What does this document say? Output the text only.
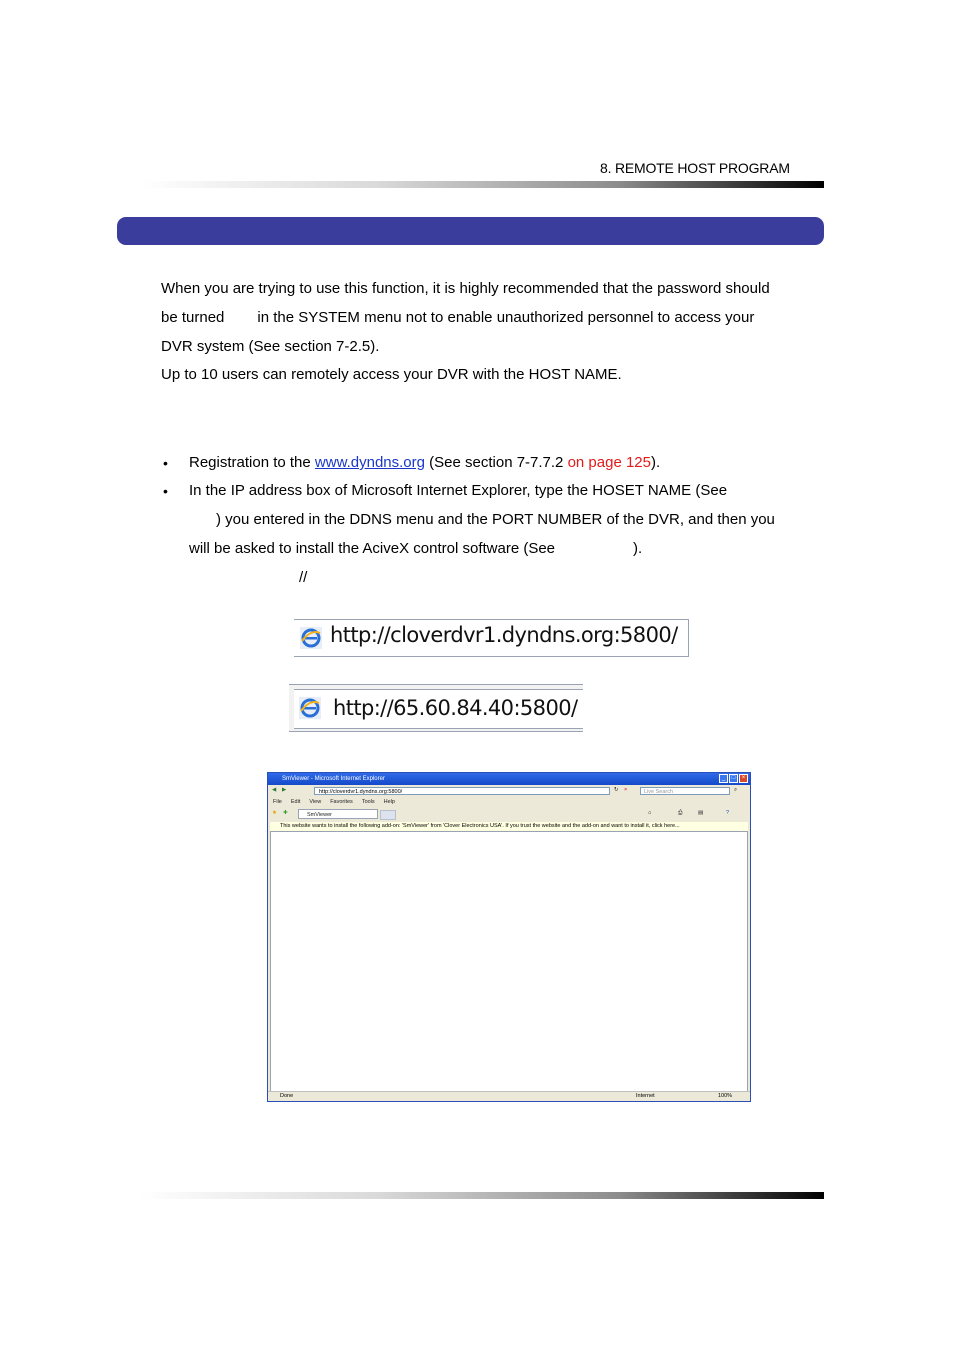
8. REMOTE HOST PROGRAM
When you are trying to use this function, it is highly recommended that the password should
be turned in the SYSTEM menu not to enable unauthorized personnel to access your
DVR system (See section 7-2.5).
Up to 10 users can remotely access your DVR with the HOST NAME.
• Registration to the www.dyndns.org (See section 7-7.7.2 on page 125).
• In the IP address box of Microsoft Internet Explorer, type the HOSET NAME (See
) you entered in the DDNS menu and the PORT NUMBER of the DVR, and then you
will be asked to install the AciveX control software (See	).
//
http://cloverdvr1.dyndns.org:5800/
http://65.60.84.40:5800/
SmViewer - Microsoft Internet Explorer	_	□	×
◀ ▶	http://cloverdvr1.dyndns.org:5800/	↻ ×	Live Search	⌕
File Edit View Favorites Tools Help
★ ✚	SmViewer	⌂	⎙	▤	?
This website wants to install the following add-on: 'SmViewer' from 'Clover Electronics USA'. If you trust the website and the add-on and want to install it, click here...
Done	Internet	100%
